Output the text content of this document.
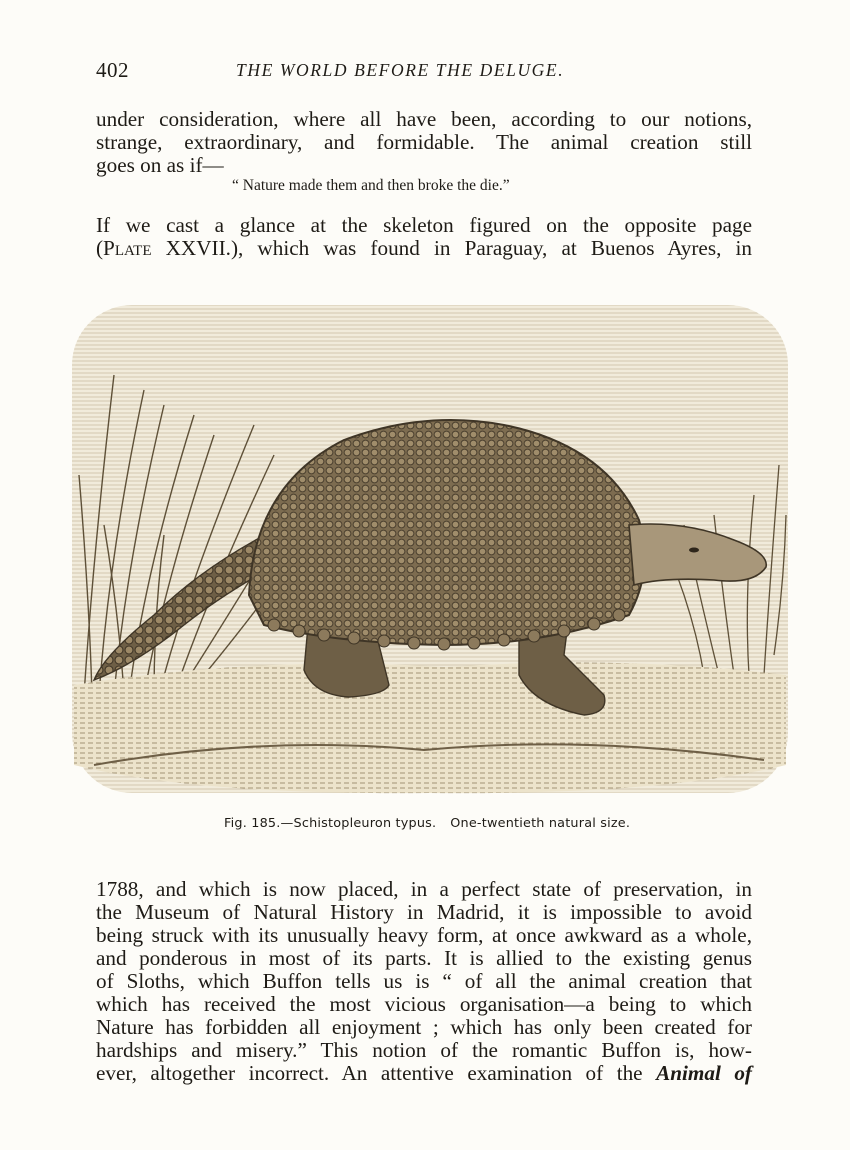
402	THE WORLD BEFORE THE DELUGE.
under consideration, where all have been, according to our notions,
strange, extraordinary, and formidable. The animal creation still
goes on as if—
“ Nature made them and then broke the die.”
If we cast a glance at the skeleton figured on the opposite page
(Plate XXVII.), which was found in Paraguay, at Buenos Ayres, in
Fig. 185.—Schistopleuron typus. One-twentieth natural size.
1788, and which is now placed, in a perfect state of preservation, in
the Museum of Natural History in Madrid, it is impossible to avoid
being struck with its unusually heavy form, at once awkward as a whole,
and ponderous in most of its parts. It is allied to the existing genus
of Sloths, which Buffon tells us is “ of all the animal creation that
which has received the most vicious organisation—a being to which
Nature has forbidden all enjoyment ; which has only been created for
hardships and misery.” This notion of the romantic Buffon is, how-
ever, altogether incorrect. An attentive examination of the Animal of
